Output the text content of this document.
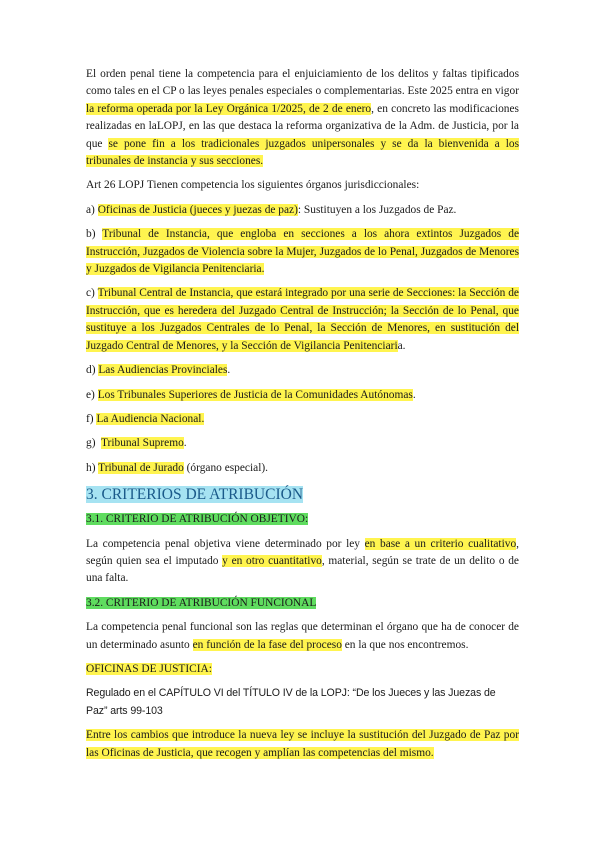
El orden penal tiene la competencia para el enjuiciamiento de los delitos y faltas tipificados como tales en el CP o las leyes penales especiales o complementarias. Este 2025 entra en vigor la reforma operada por la Ley Orgánica 1/2025, de 2 de enero, en concreto las modificaciones realizadas en laLOPJ, en las que destaca la reforma organizativa de la Adm. de Justicia, por la que se pone fin a los tradicionales juzgados unipersonales y se da la bienvenida a los tribunales de instancia y sus secciones.

Art 26 LOPJ Tienen competencia los siguientes órganos jurisdiccionales:

a) Oficinas de Justicia (jueces y juezas de paz): Sustituyen a los Juzgados de Paz.

b) Tribunal de Instancia, que engloba en secciones a los ahora extintos Juzgados de Instrucción, Juzgados de Violencia sobre la Mujer, Juzgados de lo Penal, Juzgados de Menores y Juzgados de Vigilancia Penitenciaria.

c) Tribunal Central de Instancia, que estará integrado por una serie de Secciones: la Sección de Instrucción, que es heredera del Juzgado Central de Instrucción; la Sección de lo Penal, que sustituye a los Juzgados Centrales de lo Penal, la Sección de Menores, en sustitución del Juzgado Central de Menores, y la Sección de Vigilancia Penitenciaria.

d) Las Audiencias Provinciales.

e) Los Tribunales Superiores de Justicia de la Comunidades Autónomas.

f) La Audiencia Nacional.

g)  Tribunal Supremo.

h) Tribunal de Jurado (órgano especial).

3. CRITERIOS DE ATRIBUCIÓN

3.1. CRITERIO DE ATRIBUCIÓN OBJETIVO:

La competencia penal objetiva viene determinado por ley en base a un criterio cualitativo, según quien sea el imputado y en otro cuantitativo, material, según se trate de un delito o de una falta.

3.2. CRITERIO DE ATRIBUCIÓN FUNCIONAL

La competencia penal funcional son las reglas que determinan el órgano que ha de conocer de un determinado asunto en función de la fase del proceso en la que nos encontremos.

OFICINAS DE JUSTICIA:

Regulado en el CAPÍTULO VI del TÍTULO IV de la LOPJ: “De los Jueces y las Juezas de Paz” arts 99-103

Entre los cambios que introduce la nueva ley se incluye la sustitución del Juzgado de Paz por las Oficinas de Justicia, que recogen y amplían las competencias del mismo.
